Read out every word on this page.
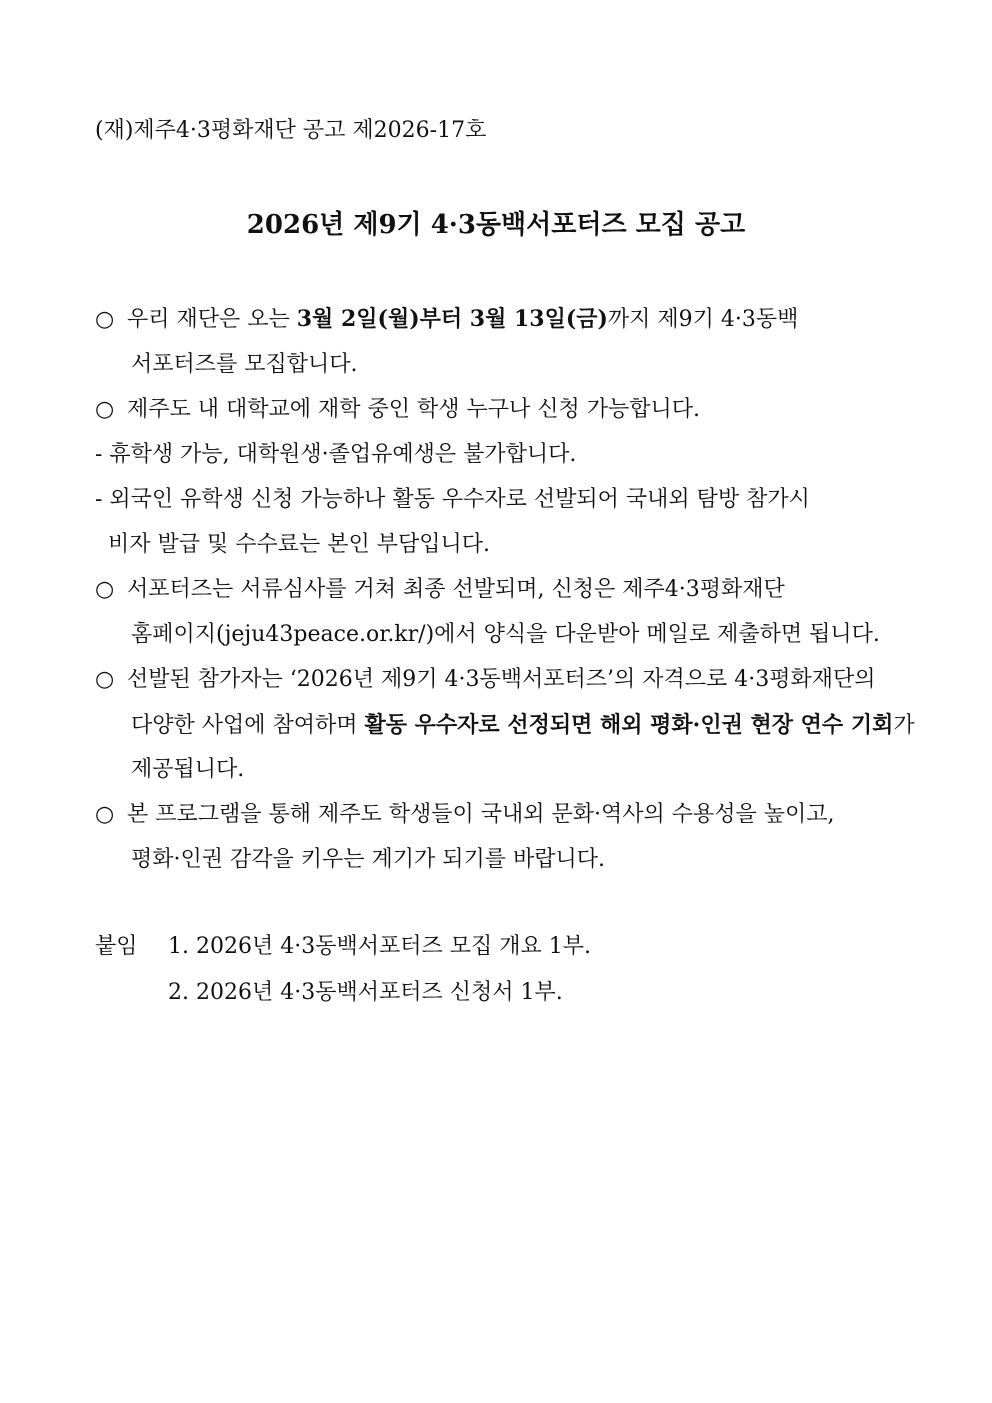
(재)제주4·3평화재단 공고 제2026-17호
2026년 제9기 4·3동백서포터즈 모집 공고
○ 우리 재단은 오는 3월 2일(월)부터 3월 13일(금)까지 제9기 4·3동백
서포터즈를 모집합니다.
○ 제주도 내 대학교에 재학 중인 학생 누구나 신청 가능합니다.
- 휴학생 가능, 대학원생·졸업유예생은 불가합니다.
- 외국인 유학생 신청 가능하나 활동 우수자로 선발되어 국내외 탐방 참가시
비자 발급 및 수수료는 본인 부담입니다.
○ 서포터즈는 서류심사를 거쳐 최종 선발되며, 신청은 제주4·3평화재단
홈페이지(jeju43peace.or.kr/)에서 양식을 다운받아 메일로 제출하면 됩니다.
○ 선발된 참가자는 ‘2026년 제9기 4·3동백서포터즈’의 자격으로 4·3평화재단의
다양한 사업에 참여하며 활동 우수자로 선정되면 해외 평화·인권 현장 연수 기회가
제공됩니다.
○ 본 프로그램을 통해 제주도 학생들이 국내외 문화·역사의 수용성을 높이고,
평화·인권 감각을 키우는 계기가 되기를 바랍니다.
붙임 1. 2026년 4·3동백서포터즈 모집 개요 1부.
2. 2026년 4·3동백서포터즈 신청서 1부.
